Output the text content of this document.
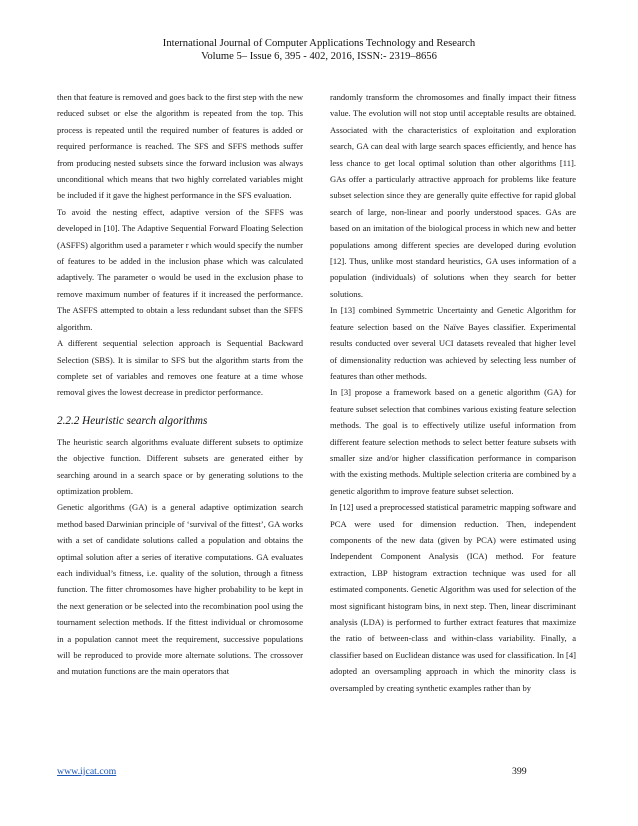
International Journal of Computer Applications Technology and Research
Volume 5– Issue 6, 395 - 402, 2016, ISSN:- 2319–8656

then that feature is removed and goes back to the first step with the new reduced subset or else the algorithm is repeated from the top. This process is repeated until the required number of features is added or required performance is reached. The SFS and SFFS methods suffer from producing nested subsets since the forward inclusion was always unconditional which means that two highly correlated variables might be included if it gave the highest performance in the SFS evaluation.

To avoid the nesting effect, adaptive version of the SFFS was developed in [10]. The Adaptive Sequential Forward Floating Selection (ASFFS) algorithm used a parameter r which would specify the number of features to be added in the inclusion phase which was calculated adaptively. The parameter o would be used in the exclusion phase to remove maximum number of features if it increased the performance. The ASFFS attempted to obtain a less redundant subset than the SFFS algorithm.

A different sequential selection approach is Sequential Backward Selection (SBS). It is similar to SFS but the algorithm starts from the complete set of variables and removes one feature at a time whose removal gives the lowest decrease in predictor performance.

2.2.2 Heuristic search algorithms

The heuristic search algorithms evaluate different subsets to optimize the objective function. Different subsets are generated either by searching around in a search space or by generating solutions to the optimization problem.

Genetic algorithms (GA) is a general adaptive optimization search method based Darwinian principle of ‘survival of the fittest’, GA works with a set of candidate solutions called a population and obtains the optimal solution after a series of iterative computations. GA evaluates each individual’s fitness, i.e. quality of the solution, through a fitness function. The fitter chromosomes have higher probability to be kept in the next generation or be selected into the recombination pool using the tournament selection methods. If the fittest individual or chromosome in a population cannot meet the requirement, successive populations will be reproduced to provide more alternate solutions. The crossover and mutation functions are the main operators that

randomly transform the chromosomes and finally impact their fitness value. The evolution will not stop until acceptable results are obtained. Associated with the characteristics of exploitation and exploration search, GA can deal with large search spaces efficiently, and hence has less chance to get local optimal solution than other algorithms [11]. GAs offer a particularly attractive approach for problems like feature subset selection since they are generally quite effective for rapid global search of large, non-linear and poorly understood spaces. GAs are based on an imitation of the biological process in which new and better populations among different species are developed during evolution [12]. Thus, unlike most standard heuristics, GA uses information of a population (individuals) of solutions when they search for better solutions.

In [13] combined Symmetric Uncertainty and Genetic Algorithm for feature selection based on the Naïve Bayes classifier. Experimental results conducted over several UCI datasets revealed that higher level of dimensionality reduction was achieved by selecting less number of features than other methods.

In [3] propose a framework based on a genetic algorithm (GA) for feature subset selection that combines various existing feature selection methods. The goal is to effectively utilize useful information from different feature selection methods to select better feature subsets with smaller size and/or higher classification performance in comparison with the existing methods. Multiple selection criteria are combined by a genetic algorithm to improve feature subset selection.

In [12] used a preprocessed statistical parametric mapping software and PCA were used for dimension reduction. Then, independent components of the new data (given by PCA) were estimated using Independent Component Analysis (ICA) method. For feature extraction, LBP histogram extraction technique was used for all estimated components. Genetic Algorithm was used for selection of the most significant histogram bins, in next step. Then, linear discriminant analysis (LDA) is performed to further extract features that maximize the ratio of between-class and within-class variability. Finally, a classifier based on Euclidean distance was used for classification. In [4] adopted an oversampling approach in which the minority class is oversampled by creating synthetic examples rather than by

www.ijcat.com	399
